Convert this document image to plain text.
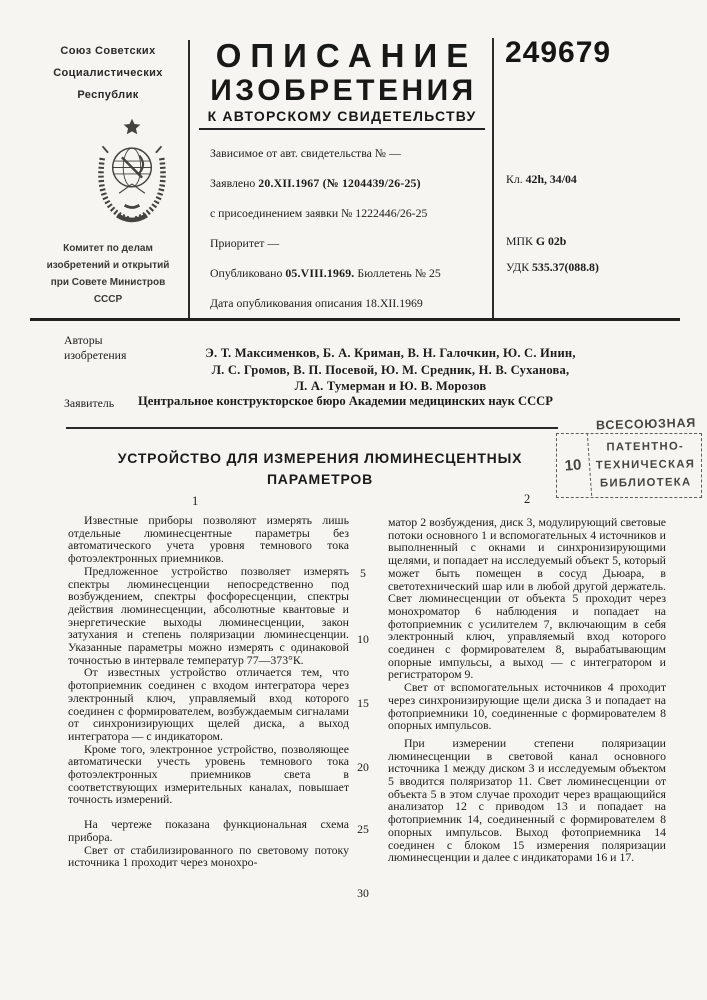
Союз Советских
Социалистических
Республик
Комитет по делам
изобретений и открытий
при Совете Министров
СССР
ОПИСАНИЕ
ИЗОБРЕТЕНИЯ
К АВТОРСКОМУ СВИДЕТЕЛЬСТВУ
Зависимое от авт. свидетельства № —
Заявлено 20.XII.1967 (№ 1204439/26-25)
с присоединением заявки № 1222446/26-25
Приоритет —
Опубликовано 05.VIII.1969. Бюллетень № 25
Дата опубликования описания 18.XII.1969
249679
Кл. 42h, 34/04
МПК G 02b
УДК 535.37(088.8)
Авторы
изобретения	Э. Т. Максименков, Б. А. Криман, В. Н. Галочкин, Ю. С. Инин,
Л. С. Громов, В. П. Посевой, Ю. М. Средник, Н. В. Суханова,
Л. А. Тумерман и Ю. В. Морозов
Заявитель Центральное конструкторское бюро Академии медицинских наук СССР
ВСЕСОЮЗНАЯ
10
ПАТЕНТНО-
ТЕХНИЧЕСКАЯ
БИБЛИОТЕКА
УСТРОЙСТВО ДЛЯ ИЗМЕРЕНИЯ ЛЮМИНЕСЦЕНТНЫХ
ПАРАМЕТРОВ
1	2

Известные приборы позволяют измерять лишь отдельные люминесцентные параметры без автоматического учета уровня темнового тока фотоэлектронных приемников.

Предложенное устройство позволяет измерять спектры люминесценции непосредственно под возбуждением, спектры фосфоресценции, спектры действия люминесценции, абсолютные квантовые и энергетические выходы люминесценции, закон затухания и степень поляризации люминесценции. Указанные параметры можно измерять с одинаковой точностью в интервале температур 77—373°К.

От известных устройство отличается тем, что фотоприемник соединен с входом интегратора через электронный ключ, управляемый вход которого соединен с формирователем, возбуждаемым сигналами от синхронизирующих щелей диска, а выход интегратора — с индикатором.

Кроме того, электронное устройство, позволяющее автоматически учесть уровень темнового тока фотоэлектронных приемников света в соответствующих измерительных каналах, повышает точность измерений.

На чертеже показана функциональная схема прибора.

Свет от стабилизированного по световому потоку источника 1 проходит через монохро-

5
10
15
20
25
30

матор 2 возбуждения, диск 3, модулирующий световые потоки основного 1 и вспомогательных 4 источников и выполненный с окнами и синхронизирующими щелями, и попадает на исследуемый объект 5, который может быть помещен в сосуд Дьюара, в светотехнический шар или в любой другой держатель. Свет люминесценции от объекта 5 проходит через монохроматор 6 наблюдения и попадает на фотоприемник с усилителем 7, включающим в себя электронный ключ, управляемый вход которого соединен с формирователем 8, вырабатывающим опорные импульсы, а выход — с интегратором и регистратором 9.

Свет от вспомогательных источников 4 проходит через синхронизирующие щели диска 3 и попадает на фотоприемники 10, соединенные с формирователем 8 опорных импульсов.

При измерении степени поляризации люминесценции в световой канал основного источника 1 между диском 3 и исследуемым объектом 5 вводится поляризатор 11. Свет люминесценции от объекта 5 в этом случае проходит через вращающийся анализатор 12 с приводом 13 и попадает на фотоприемник 14, соединенный с формирователем 8 опорных импульсов. Выход фотоприемника 14 соединен с блоком 15 измерения поляризации люминесценции и далее с индикаторами 16 и 17.
